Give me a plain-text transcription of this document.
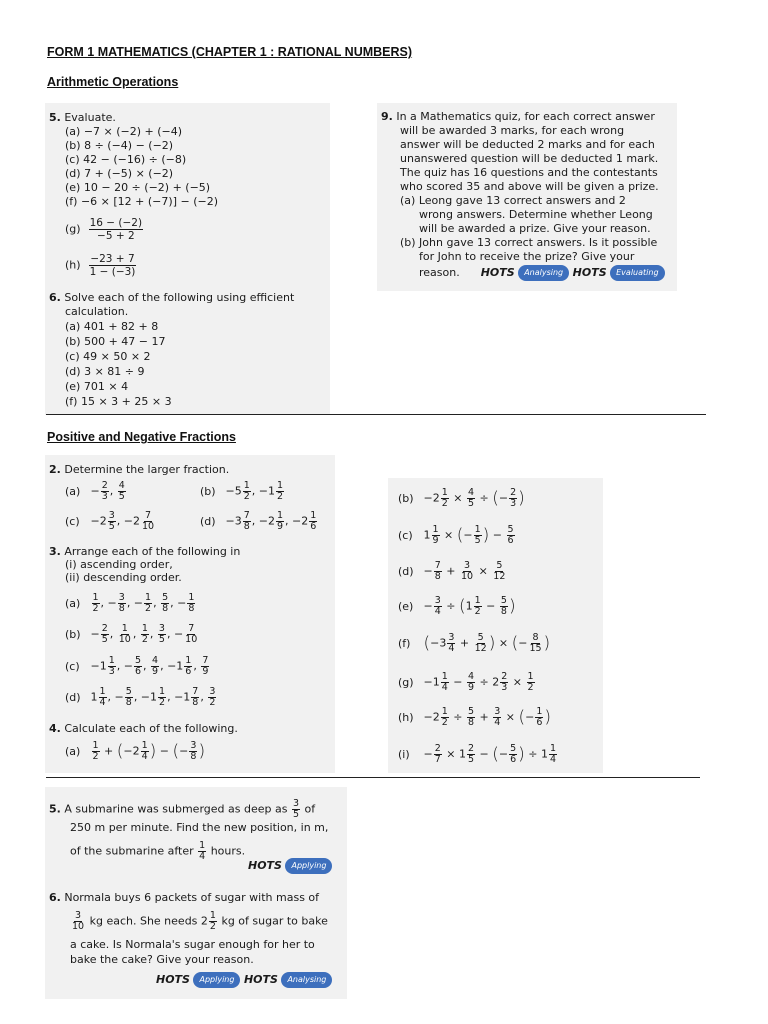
FORM 1 MATHEMATICS (CHAPTER 1 : RATIONAL NUMBERS)
Arithmetic Operations
5. Evaluate.
(a) −7 × (−2) + (−4)
(b) 8 ÷ (−4) − (−2)
(c) 42 − (−16) ÷ (−8)
(d) 7 + (−5) × (−2)
(e) 10 − 20 ÷ (−2) + (−5)
(f) −6 × [12 + (−7)] − (−2)
$(g) \frac{16 - (-2)}{-5 + 2}$
$(h) \frac{-23 + 7}{1 - (-3)}$
6. Solve each of the following using efficient
calculation.
(a) 401 + 82 + 8
(b) 500 + 47 − 17
(c) 49 × 50 × 2
(d) 3 × 81 ÷ 9
(e) 701 × 4
(f) 15 × 3 + 25 × 3
9. In a Mathematics quiz, for each correct answer
will be awarded 3 marks, for each wrong
answer will be deducted 2 marks and for each
unanswered question will be deducted 1 mark.
The quiz has 16 questions and the contestants
who scored 35 and above will be given a prize.
(a) Leong gave 13 correct answers and 2
wrong answers. Determine whether Leong
will be awarded a prize. Give your reason.
(b) John gave 13 correct answers. Is it possible
for John to receive the prize? Give your
reason. HOTS Analysing HOTS Evaluating
Positive and Negative Fractions
2. Determine the larger fraction.
$(a) - \frac{2}{3}$ , $\frac{4}{5}$	$(b) -5 \frac{1}{2}$ , $-1 \frac{1}{2}$
$(c) -2 \frac{3}{5}$ , $-2 \frac{7}{10}$	$(d) -3 \frac{7}{8}$ , $-2 \frac{1}{9}$ , $-2 \frac{1}{6}$
3. Arrange each of the following in
(i) ascending order,
(ii) descending order.
$(a) \frac{1}{2}$ , − $\frac{3}{8}$ , − $\frac{1}{2}$ , $\frac{5}{8}$ , − $\frac{1}{8}$
$(b) - \frac{2}{5}$ , $\frac{1}{10}$ , $\frac{1}{2}$ , $\frac{3}{5}$ , − $\frac{7}{10}$
$(c) -1 \frac{1}{3}$ , − $\frac{5}{6}$ , $\frac{4}{9}$ , $-1 \frac{1}{6}$ , $\frac{7}{9}$
(d) $1 \frac{1}{4}$ , − $\frac{5}{8}$ , $-1 \frac{1}{2}$ , $-1 \frac{7}{8}$ , $\frac{3}{2}$
4. Calculate each of the following.
$(a) \frac{1}{2} + (-2 \frac{1}{4}$ ) − (− $\frac{3}{8}$ )
$(b) -2 \frac{1}{2} \times \frac{4}{5}$ ÷ (− $\frac{2}{3}$ )
(c) $1 \frac{1}{9}$ × (− $\frac{1}{5}$ ) − $\frac{5}{6}$
$(d) - \frac{7}{8} + \frac{3}{10} \times \frac{5}{12}$
$(e) - \frac{3}{4} \div (1 \frac{1}{2} - \frac{5}{8}$ )
(f) ($-3 \frac{3}{4} + \frac{5}{12}$ ) × (− $\frac{8}{15}$ )
$(g) -1 \frac{1}{4} - \frac{4}{9} \div 2 \frac{2}{3} \times \frac{1}{2}$
$(h) -2 \frac{1}{2} \div \frac{5}{8} + \frac{3}{4}$ × (− $\frac{1}{6}$ )
$(i) - \frac{2}{7} \times 1 \frac{2}{5}$ − (− $\frac{5}{6}$ ) ÷ $1 \frac{1}{4}$
5. A submarine was submerged as deep as $\frac{3}{5}$ of
250 m per minute. Find the new position, in m,
of the submarine after $\frac{1}{4}$ hours.
HOTS Applying
6. Normala buys 6 packets of sugar with mass of
$\frac{3}{10}$ kg each. She needs $2 \frac{1}{2}$ kg of sugar to bake
a cake. Is Normala's sugar enough for her to
bake the cake? Give your reason.
HOTS Applying HOTS Analysing
